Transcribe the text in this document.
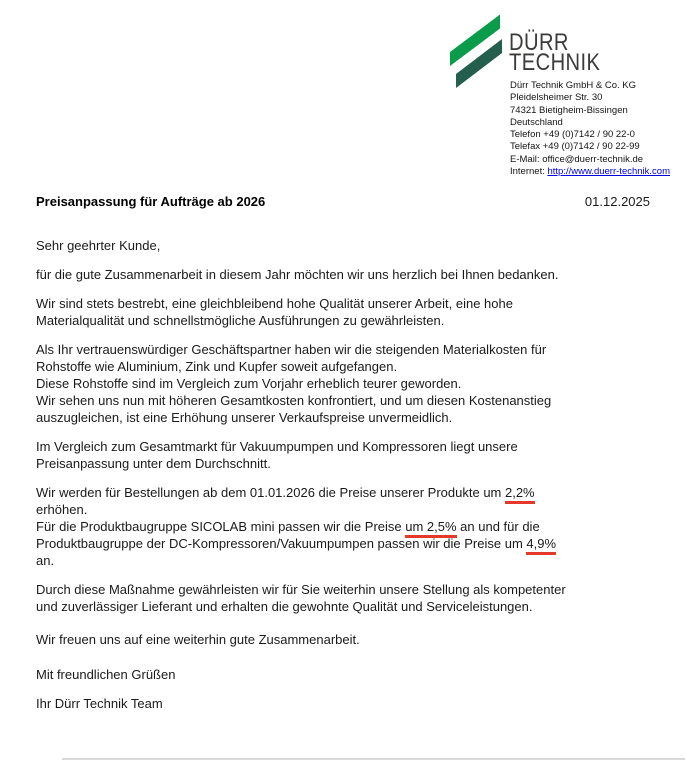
DÜRR
TECHNIK
Dürr Technik GmbH & Co. KG
Pleidelsheimer Str. 30
74321 Bietigheim-Bissingen
Deutschland
Telefon +49 (0)7142 / 90 22-0
Telefax +49 (0)7142 / 90 22-99
E-Mail: office@duerr-technik.de
Internet: http://www.duerr-technik.com
Preisanpassung für Aufträge ab 2026	01.12.2025
Sehr geehrter Kunde,
für die gute Zusammenarbeit in diesem Jahr möchten wir uns herzlich bei Ihnen bedanken.
Wir sind stets bestrebt, eine gleichbleibend hohe Qualität unserer Arbeit, eine hohe
Materialqualität und schnellstmögliche Ausführungen zu gewährleisten.
Als Ihr vertrauenswürdiger Geschäftspartner haben wir die steigenden Materialkosten für
Rohstoffe wie Aluminium, Zink und Kupfer soweit aufgefangen.
Diese Rohstoffe sind im Vergleich zum Vorjahr erheblich teurer geworden.
Wir sehen uns nun mit höheren Gesamtkosten konfrontiert, und um diesen Kostenanstieg
auszugleichen, ist eine Erhöhung unserer Verkaufspreise unvermeidlich.
Im Vergleich zum Gesamtmarkt für Vakuumpumpen und Kompressoren liegt unsere
Preisanpassung unter dem Durchschnitt.
Wir werden für Bestellungen ab dem 01.01.2026 die Preise unserer Produkte um 2,2%
erhöhen.
Für die Produktbaugruppe SICOLAB mini passen wir die Preise um 2,5% an und für die
Produktbaugruppe der DC-Kompressoren/Vakuumpumpen passen wir die Preise um 4,9%
an.
Durch diese Maßnahme gewährleisten wir für Sie weiterhin unsere Stellung als kompetenter
und zuverlässiger Lieferant und erhalten die gewohnte Qualität und Serviceleistungen.
Wir freuen uns auf eine weiterhin gute Zusammenarbeit.
Mit freundlichen Grüßen
Ihr Dürr Technik Team
